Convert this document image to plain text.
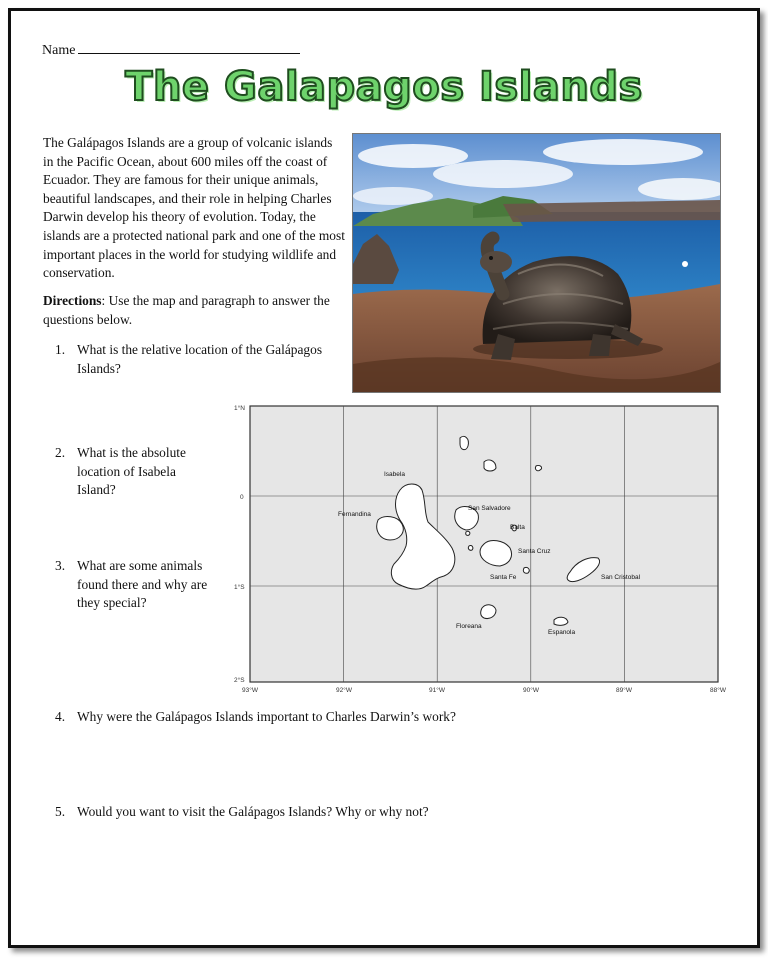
Name
The Galapagos Islands

The Galápagos Islands are a group of volcanic islands in the Pacific Ocean, about 600 miles off the coast of Ecuador. They are famous for their unique animals, beautiful landscapes, and their role in helping Charles Darwin develop his theory of evolution. Today, the islands are a protected national park and one of the most important places in the world for studying wildlife and conservation.

Directions: Use the map and paragraph to answer the questions below.

1. What is the relative location of the Galápagos Islands?
2. What is the absolute location of Isabela Island?
3. What are some animals found there and why are they special?
4. Why were the Galápagos Islands important to Charles Darwin’s work?
5. Would you want to visit the Galápagos Islands? Why or why not?
1°N
0
1°S
2°S
93°W	92°W	91°W	90°W	89°W	88°W
Isabela
Fernandina
San Salvadore
Balta
Santa Cruz
Santa Fe	San Cristobal
Floreana
Espanola
